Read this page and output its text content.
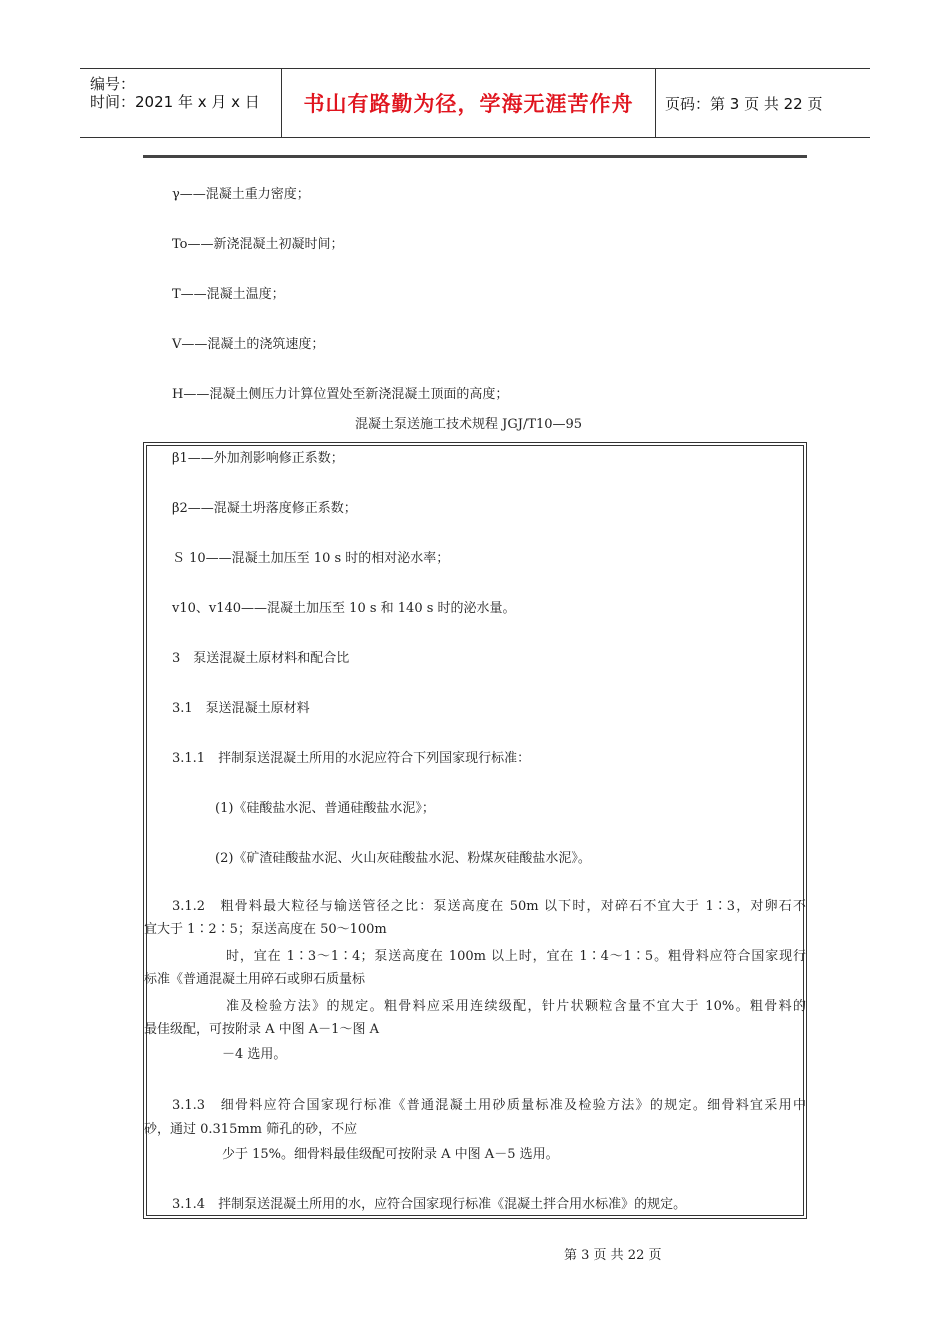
编号：
时间：2021 年 x 月 x 日	书山有路勤为径，学海无涯苦作舟	页码：第 3 页 共 22 页
γ——混凝土重力密度；
To——新浇混凝土初凝时间；
T——混凝土温度；
V——混凝土的浇筑速度；
H——混凝土侧压力计算位置处至新浇混凝土顶面的高度；
混凝土泵送施工技术规程 JGJ/T10—95
β1——外加剂影响修正系数；
β2——混凝土坍落度修正系数；
Ｓ 10——混凝土加压至 10 s 时的相对泌水率；
v10、v140——混凝土加压至 10 s 和 140 s 时的泌水量。
3　泵送混凝土原材料和配合比
3.1　泵送混凝土原材料
3.1.1　拌制泵送混凝土所用的水泥应符合下列国家现行标准：
(1)《硅酸盐水泥、普通硅酸盐水泥》；
(2)《矿渣硅酸盐水泥、火山灰硅酸盐水泥、粉煤灰硅酸盐水泥》。
3.1.2　粗骨料最大粒径与输送管径之比：泵送高度在 50m 以下时，对碎石不宜大于 1∶3，对卵石不
宜大于 1∶2∶5；泵送高度在 50～100m
时，宜在 1∶3～1∶4；泵送高度在 100m 以上时，宜在 1∶4～1∶5。粗骨料应符合国家现行
标准《普通混凝土用碎石或卵石质量标
准及检验方法》的规定。粗骨料应采用连续级配，针片状颗粒含量不宜大于 10%。粗骨料的
最佳级配，可按附录 A 中图 A－1～图 A
－4 选用。
3.1.3　细骨料应符合国家现行标准《普通混凝土用砂质量标准及检验方法》的规定。细骨料宜采用中
砂，通过 0.315mm 筛孔的砂，不应
少于 15%。细骨料最佳级配可按附录 A 中图 A－5 选用。
3.1.4　拌制泵送混凝土所用的水，应符合国家现行标准《混凝土拌合用水标准》的规定。
第 3 页 共 22 页
